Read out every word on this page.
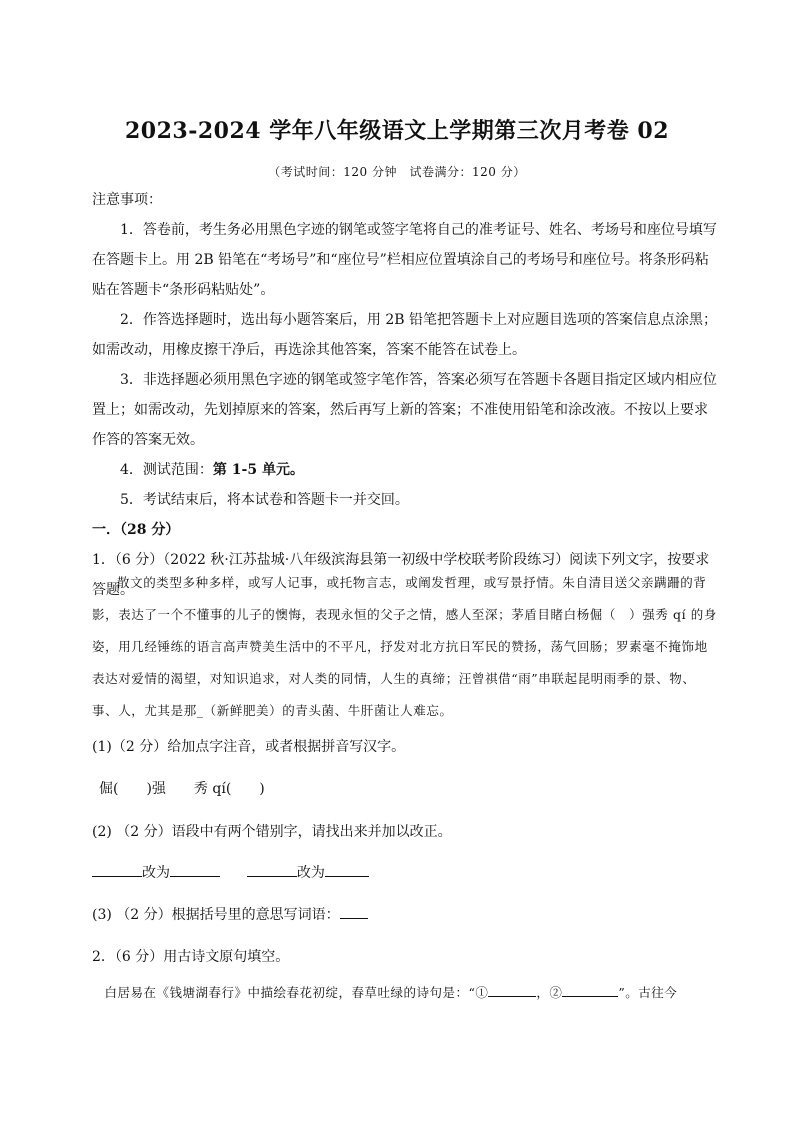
2023-2024 学年八年级语文上学期第三次月考卷 02
（考试时间：120 分钟　试卷满分：120 分）

注意事项：

1．答卷前，考生务必用黑色字迹的钢笔或签字笔将自己的准考证号、姓名、考场号和座位号填写在答题卡上。用 2B 铅笔在“考场号”和“座位号”栏相应位置填涂自己的考场号和座位号。将条形码粘贴在答题卡“条形码粘贴处”。

2．作答选择题时，选出每小题答案后，用 2B 铅笔把答题卡上对应题目选项的答案信息点涂黑；如需改动，用橡皮擦干净后，再选涂其他答案，答案不能答在试卷上。

3．非选择题必须用黑色字迹的钢笔或签字笔作答，答案必须写在答题卡各题目指定区域内相应位置上；如需改动，先划掉原来的答案，然后再写上新的答案；不准使用铅笔和涂改液。不按以上要求作答的答案无效。

4．测试范围：第 1-5 单元。

5．考试结束后，将本试卷和答题卡一并交回。

一．（28 分）

1．（6 分）（2022 秋·江苏盐城·八年级滨海县第一初级中学校联考阶段练习）阅读下列文字，按要求答题。

散文的类型多种多样，或写人记事，或托物言志，或阐发哲理，或写景抒情。朱自清目送父亲蹒跚的背影，表达了一个不懂事的儿子的懊悔，表现永恒的父子之情，感人至深；茅盾目睹白杨倔（　）强秀 qí 的身姿，用几经锤练的语言高声赞美生活中的不平凡，抒发对北方抗日军民的赞扬，荡气回肠；罗素毫不掩饰地表达对爱情的渴望，对知识追求，对人类的同情，人生的真缔；汪曾祺借“雨”串联起昆明雨季的景、物、事、人，尤其是那_（新鲜肥美）的青头菌、牛肝菌让人难忘。
(1)（2 分）给加点字注音，或者根据拼音写汉字。
倔(　　)强　　秀 qí(　　)
(2) （2 分）语段中有两个错别字，请找出来并加以改正。
改为	改为
(3) （2 分）根据括号里的意思写词语：
2．（6 分）用古诗文原句填空。
白居易在《钱塘湖春行》中描绘春花初绽，春草吐绿的诗句是：“①	，②	”。古往今
